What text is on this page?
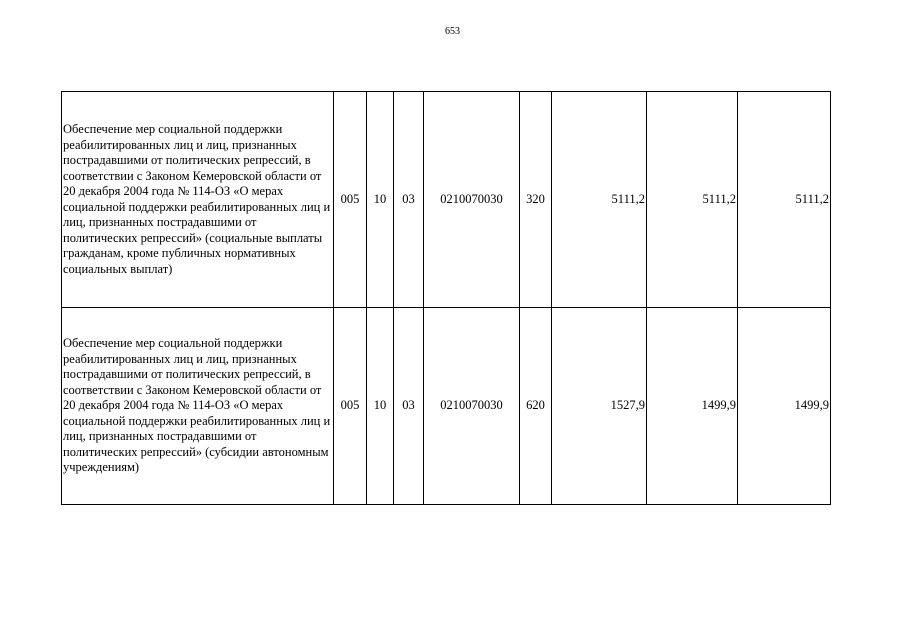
653
Обеспечение мер социальной поддержки реабилитированных лиц и лиц, признанных пострадавшими от политических репрессий, в соответствии с Законом Кемеровской области от 20 декабря 2004 года № 114-ОЗ «О мерах социальной поддержки реабилитированных лиц и лиц, признанных пострадавшими от политических репрессий» (социальные выплаты гражданам, кроме публичных нормативных социальных выплат)	005	10	03	0210070030	320	5111,2	5111,2	5111,2
Обеспечение мер социальной поддержки реабилитированных лиц и лиц, признанных пострадавшими от политических репрессий, в соответствии с Законом Кемеровской области от 20 декабря 2004 года № 114-ОЗ «О мерах социальной поддержки реабилитированных лиц и лиц, признанных пострадавшими от политических репрессий» (субсидии автономным учреждениям)	005	10	03	0210070030	620	1527,9	1499,9	1499,9
